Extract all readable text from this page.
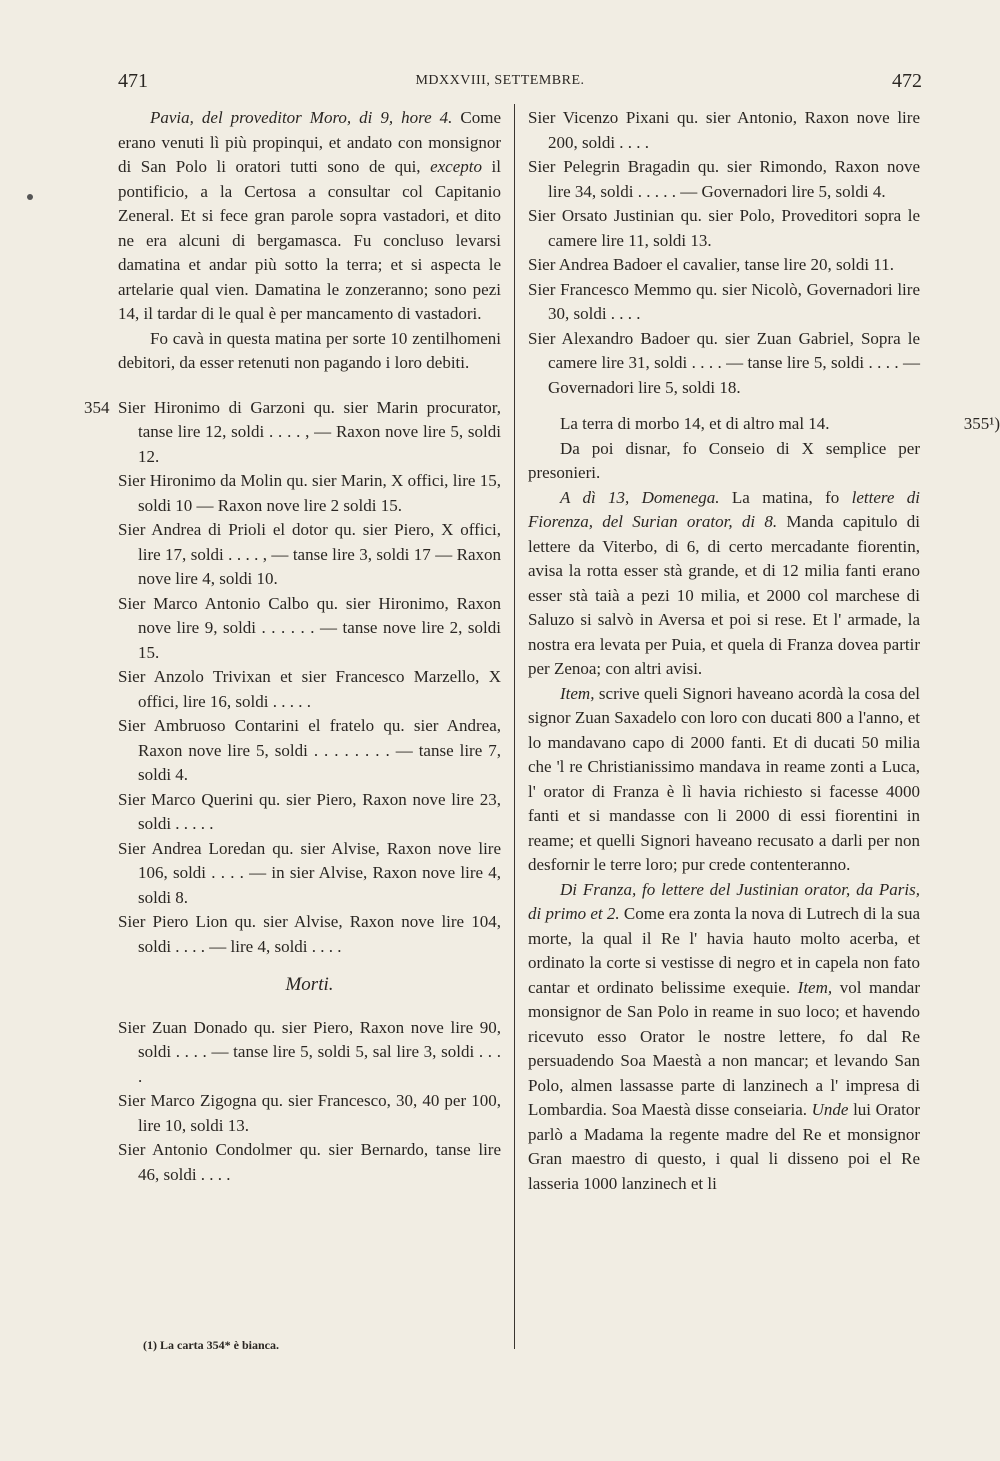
471	MDXXVIII, SETTEMBRE.	472

Pavia, del proveditor Moro, di 9, hore 4. Come erano venuti lì più propinqui, et andato con monsignor di San Polo li oratori tutti sono de qui, excepto il pontificio, a la Certosa a consultar col Capitanio Zeneral. Et si fece gran parole sopra vastadori, et dito ne era alcuni di bergamasca. Fu concluso levarsi damatina et andar più sotto la terra; et si aspecta le artelarie qual vien. Damatina le zonzeranno; sono pezi 14, il tardar di le qual è per mancamento di vastadori.

Fo cavà in questa matina per sorte 10 zentilhomeni debitori, da esser retenuti non pagando i loro debiti.

354 Sier Hironimo di Garzoni qu. sier Marin procurator, tanse lire 12, soldi . . . . , — Raxon nove lire 5, soldi 12.

Sier Hironimo da Molin qu. sier Marin, X offici, lire 15, soldi 10 — Raxon nove lire 2 soldi 15.

Sier Andrea di Prioli el dotor qu. sier Piero, X offici, lire 17, soldi . . . . , — tanse lire 3, soldi 17 — Raxon nove lire 4, soldi 10.

Sier Marco Antonio Calbo qu. sier Hironimo, Raxon nove lire 9, soldi . . . . . . — tanse nove lire 2, soldi 15.

Sier Anzolo Trivixan et sier Francesco Marzello, X offici, lire 16, soldi . . . . .

Sier Ambruoso Contarini el fratelo qu. sier Andrea, Raxon nove lire 5, soldi . . . . . . . . — tanse lire 7, soldi 4.

Sier Marco Querini qu. sier Piero, Raxon nove lire 23, soldi . . . . .

Sier Andrea Loredan qu. sier Alvise, Raxon nove lire 106, soldi . . . . — in sier Alvise, Raxon nove lire 4, soldi 8.

Sier Piero Lion qu. sier Alvise, Raxon nove lire 104, soldi . . . . — lire 4, soldi . . . .

Morti.

Sier Zuan Donado qu. sier Piero, Raxon nove lire 90, soldi . . . . — tanse lire 5, soldi 5, sal lire 3, soldi . . . .

Sier Marco Zigogna qu. sier Francesco, 30, 40 per 100, lire 10, soldi 13.

Sier Antonio Condolmer qu. sier Bernardo, tanse lire 46, soldi . . . .

(1) La carta 354* è bianca.

Sier Vicenzo Pixani qu. sier Antonio, Raxon nove lire 200, soldi . . . .

Sier Pelegrin Bragadin qu. sier Rimondo, Raxon nove lire 34, soldi . . . . . — Governadori lire 5, soldi 4.

Sier Orsato Justinian qu. sier Polo, Proveditori sopra le camere lire 11, soldi 13.

Sier Andrea Badoer el cavalier, tanse lire 20, soldi 11.

Sier Francesco Memmo qu. sier Nicolò, Governadori lire 30, soldi . . . .

Sier Alexandro Badoer qu. sier Zuan Gabriel, Sopra le camere lire 31, soldi . . . . — tanse lire 5, soldi . . . . — Governadori lire 5, soldi 18.

355¹)

La terra di morbo 14, et di altro mal 14.

Da poi disnar, fo Conseio di X semplice per presonieri.

A dì 13, Domenega. La matina, fo lettere di Fiorenza, del Surian orator, di 8. Manda capitulo di lettere da Viterbo, di 6, di certo mercadante fiorentin, avisa la rotta esser stà grande, et di 12 milia fanti erano esser stà taià a pezi 10 milia, et 2000 col marchese di Saluzo si salvò in Aversa et poi si rese. Et l' armade, la nostra era levata per Puia, et quela di Franza dovea partir per Zenoa; con altri avisi.

Item, scrive queli Signori haveano acordà la cosa del signor Zuan Saxadelo con loro con ducati 800 a l'anno, et lo mandavano capo di 2000 fanti. Et di ducati 50 milia che 'l re Christianissimo mandava in reame zonti a Luca, l' orator di Franza è lì havia richiesto si facesse 4000 fanti et si mandasse con li 2000 di essi fiorentini in reame; et quelli Signori haveano recusato a darli per non desfornir le terre loro; pur crede contenteranno.

Di Franza, fo lettere del Justinian orator, da Paris, di primo et 2. Come era zonta la nova di Lutrech di la sua morte, la qual il Re l' havia hauto molto acerba, et ordinato la corte si vestisse di negro et in capela non fato cantar et ordinato belissime exequie. Item, vol mandar monsignor de San Polo in reame in suo loco; et havendo ricevuto esso Orator le nostre lettere, fo dal Re persuadendo Soa Maestà a non mancar; et levando San Polo, almen lassasse parte di lanzinech a l' impresa di Lombardia. Soa Maestà disse conseiaria. Unde lui Orator parlò a Madama la regente madre del Re et monsignor Gran maestro di questo, i qual li disseno poi el Re lasseria 1000 lanzinech et li
